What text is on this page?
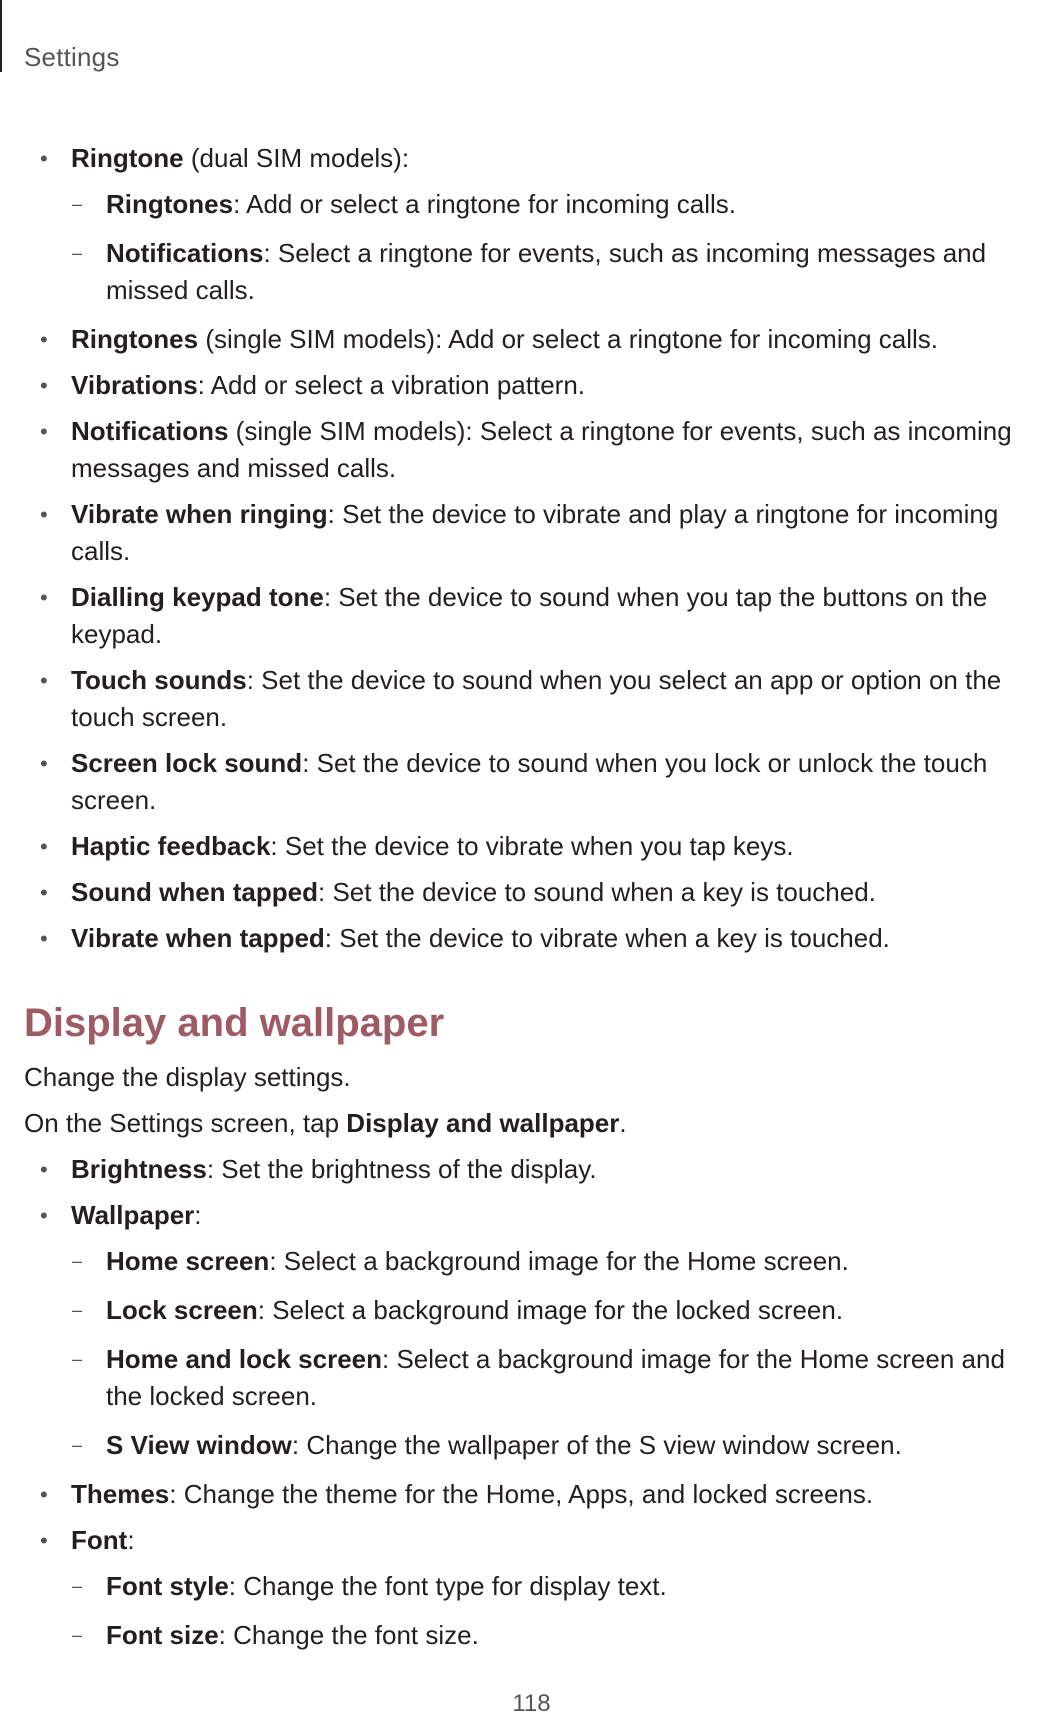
Settings
• Ringtone (dual SIM models):
– Ringtones: Add or select a ringtone for incoming calls.
– Notifications: Select a ringtone for events, such as incoming messages and missed calls.
• Ringtones (single SIM models): Add or select a ringtone for incoming calls.
• Vibrations: Add or select a vibration pattern.
• Notifications (single SIM models): Select a ringtone for events, such as incoming messages and missed calls.
• Vibrate when ringing: Set the device to vibrate and play a ringtone for incoming calls.
• Dialling keypad tone: Set the device to sound when you tap the buttons on the keypad.
• Touch sounds: Set the device to sound when you select an app or option on the touch screen.
• Screen lock sound: Set the device to sound when you lock or unlock the touch screen.
• Haptic feedback: Set the device to vibrate when you tap keys.
• Sound when tapped: Set the device to sound when a key is touched.
• Vibrate when tapped: Set the device to vibrate when a key is touched.
Display and wallpaper
Change the display settings.
On the Settings screen, tap Display and wallpaper.
• Brightness: Set the brightness of the display.
• Wallpaper:
– Home screen: Select a background image for the Home screen.
– Lock screen: Select a background image for the locked screen.
– Home and lock screen: Select a background image for the Home screen and the locked screen.
– S View window: Change the wallpaper of the S view window screen.
• Themes: Change the theme for the Home, Apps, and locked screens.
• Font:
– Font style: Change the font type for display text.
– Font size: Change the font size.
118
